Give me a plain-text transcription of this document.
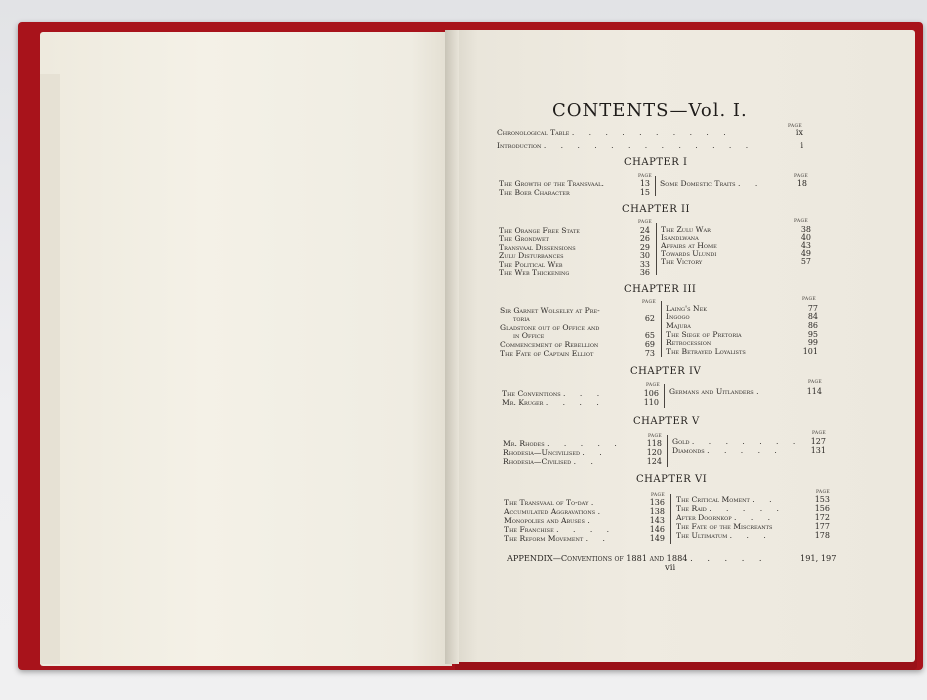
CONTENTS—Vol. I.
PAGE
Chronological Table . . . . . . . . . .	ix
Introduction . . . . . . . . . . . . .	i
CHAPTER I
PAGE	PAGE
The Growth of the Transvaal.	13
The Boer Character	15
Some Domestic Traits . .	18
CHAPTER II
PAGE	PAGE
The Orange Free State	24
The Grondwet	26
Transvaal Dissensions	29
Zulu Disturbances	30
The Political Web	33
The Web Thickening	36
The Zulu War	38
Isandlwana	40
Affairs at Home	43
Towards Ulundi	49
The Victory	57
CHAPTER III
PAGE
PAGE
Sir Garnet Wolseley at Pre-
toria	62
Gladstone out of Office and
in Office	65
Commencement of Rebellion	69
The Fate of Captain Elliot	73
Laing's Nek	77
Ingogo	84
Majuba	86
The Siege of Pretoria	95
Retrocession	99
The Betrayed Loyalists	101
CHAPTER IV
PAGE
PAGE
The Conventions . . .	106
Mr. Kruger . . . .	110
Germans and Uitlanders .	114
CHAPTER V
PAGE
PAGE
Mr. Rhodes . . . . .	118
Rhodesia—Uncivilised . .	120
Rhodesia—Civilised . .	124
Gold . . . . . . .	127
Diamonds . . . . .	131
CHAPTER VI
PAGE
PAGE
The Transvaal of To-day .	136
Accumulated Aggravations .	138
Monopolies and Abuses .	143
The Franchise . . . .	146
The Reform Movement . .	149
The Critical Moment . .	153
The Raid . . . . .	156
After Doornkop . . .	172
The Fate of the Miscreants	177
The Ultimatum . . .	178
APPENDIX—Conventions of 1881 and 1884 . . . . .	191, 197
vii
